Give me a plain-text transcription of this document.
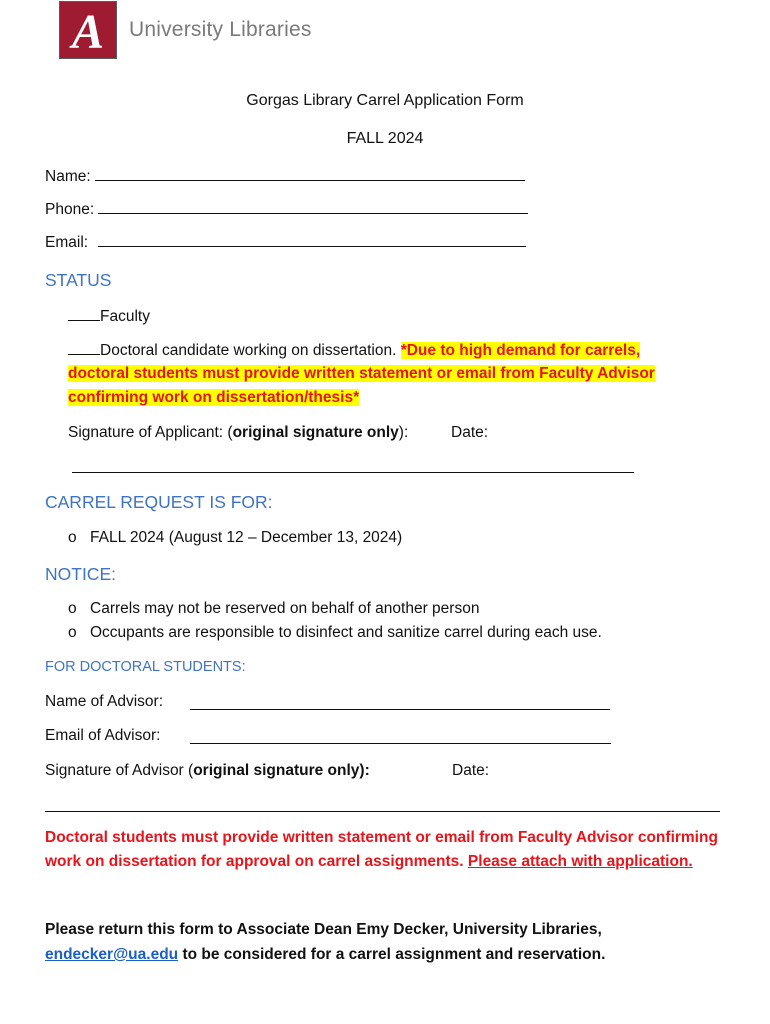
A University Libraries
Gorgas Library Carrel Application Form
FALL 2024
Name:
Phone:
Email:
STATUS
Faculty
Doctoral candidate working on dissertation. *Due to high demand for carrels,
doctoral students must provide written statement or email from Faculty Advisor
confirming work on dissertation/thesis*
Signature of Applicant: (original signature only):	Date:
CARREL REQUEST IS FOR:
o FALL 2024 (August 12 – December 13, 2024)
NOTICE:
o Carrels may not be reserved on behalf of another person
o Occupants are responsible to disinfect and sanitize carrel during each use.
FOR DOCTORAL STUDENTS:
Name of Advisor:
Email of Advisor:
Signature of Advisor (original signature only):	Date:
Doctoral students must provide written statement or email from Faculty Advisor confirming
work on dissertation for approval on carrel assignments. Please attach with application.
Please return this form to Associate Dean Emy Decker, University Libraries,
endecker@ua.edu to be considered for a carrel assignment and reservation.
